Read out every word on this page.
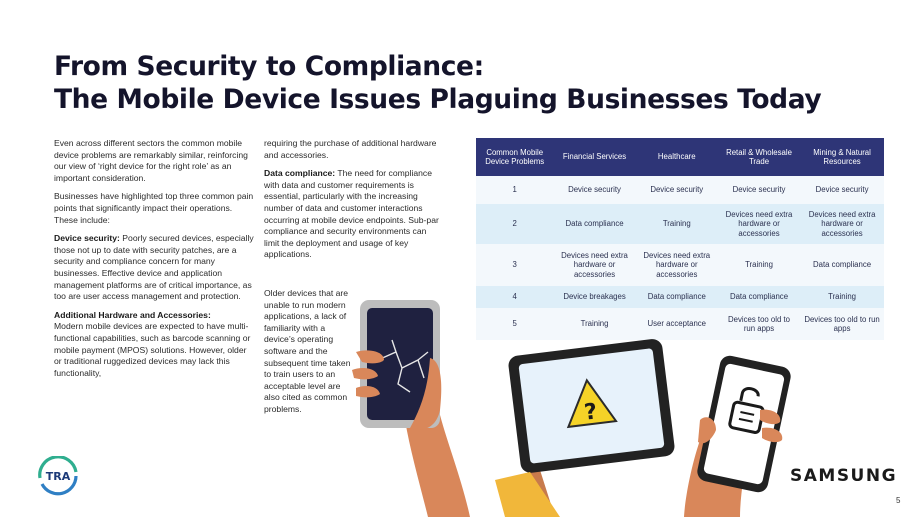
From Security to Compliance:
The Mobile Device Issues Plaguing Businesses Today

Even across different sectors the common mobile device problems are remarkably similar, reinforcing our view of ‘right device for the right role’ as an important consideration.

Businesses have highlighted top three common pain points that significantly impact their operations. These include:

Device security: Poorly secured devices, especially those not up to date with security patches, are a security and compliance concern for many businesses. Effective device and application management platforms are of critical importance, as too are user access management and protection.

Additional Hardware and Accessories:
Modern mobile devices are expected to have multi-functional capabilities, such as barcode scanning or mobile payment (MPOS) solutions. However, older or traditional ruggedized devices may lack this functionality,

requiring the purchase of additional hardware and accessories.

Data compliance: The need for compliance with data and customer requirements is essential, particularly with the increasing number of data and customer interactions occurring at mobile device endpoints. Sub-par compliance and security environments can limit the deployment and usage of key applications.

Older devices that are unable to run modern applications, a lack of familiarity with a device’s operating software and the subsequent time taken to train users to an acceptable level are also cited as common problems.

Common Mobile Device Problems	Financial Services	Healthcare	Retail & Wholesale Trade	Mining & Natural Resources
1	Device security	Device security	Device security	Device security
2	Data compliance	Training	Devices need extra hardware or accessories	Devices need extra hardware or accessories
3	Devices need extra hardware or accessories	Devices need extra hardware or accessories	Training	Data compliance
4	Device breakages	Data compliance	Data compliance	Training
5	Training	User acceptance	Devices too old to run apps	Devices too old to run apps
?
TRA	SAMSUNG
5
